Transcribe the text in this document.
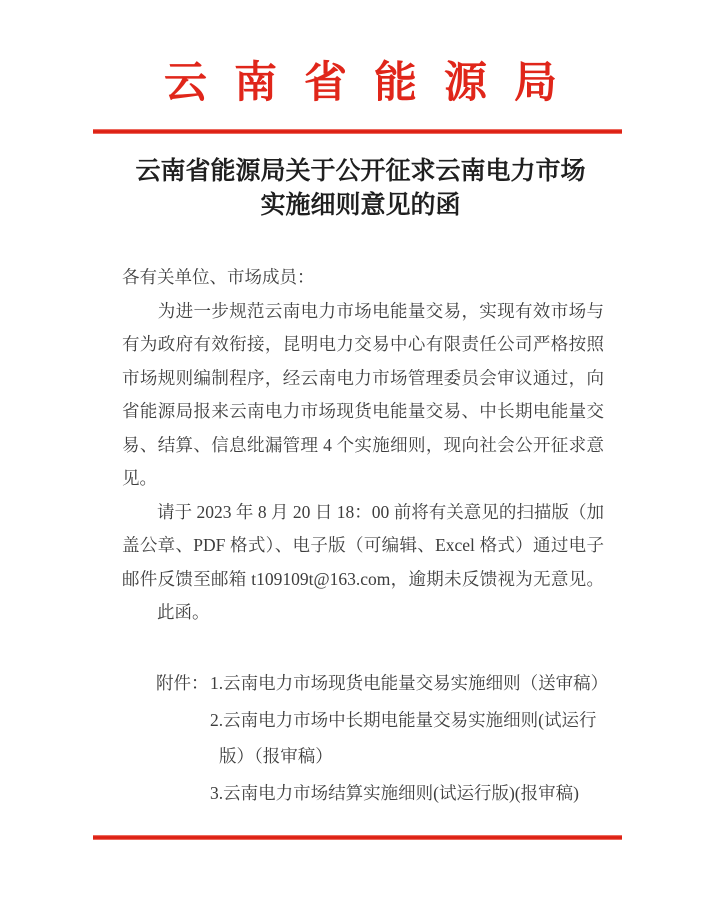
云南省能源局
云南省能源局关于公开征求云南电力市场
实施细则意见的函
各有关单位、市场成员：
　　为进一步规范云南电力市场电能量交易，实现有效市场与
有为政府有效衔接，昆明电力交易中心有限责任公司严格按照
市场规则编制程序，经云南电力市场管理委员会审议通过，向
省能源局报来云南电力市场现货电能量交易、中长期电能量交
易、结算、信息纰漏管理 4 个实施细则，现向社会公开征求意
见。
　　请于 2023 年 8 月 20 日 18：00 前将有关意见的扫描版（加
盖公章、PDF 格式）、电子版（可编辑、Excel 格式）通过电子
邮件反馈至邮箱 t109109t@163.com，逾期未反馈视为无意见。
　　此函。
附件： 1.云南电力市场现货电能量交易实施细则（送审稿）
2.云南电力市场中长期电能量交易实施细则(试运行
版）（报审稿）
3.云南电力市场结算实施细则(试运行版)(报审稿)
